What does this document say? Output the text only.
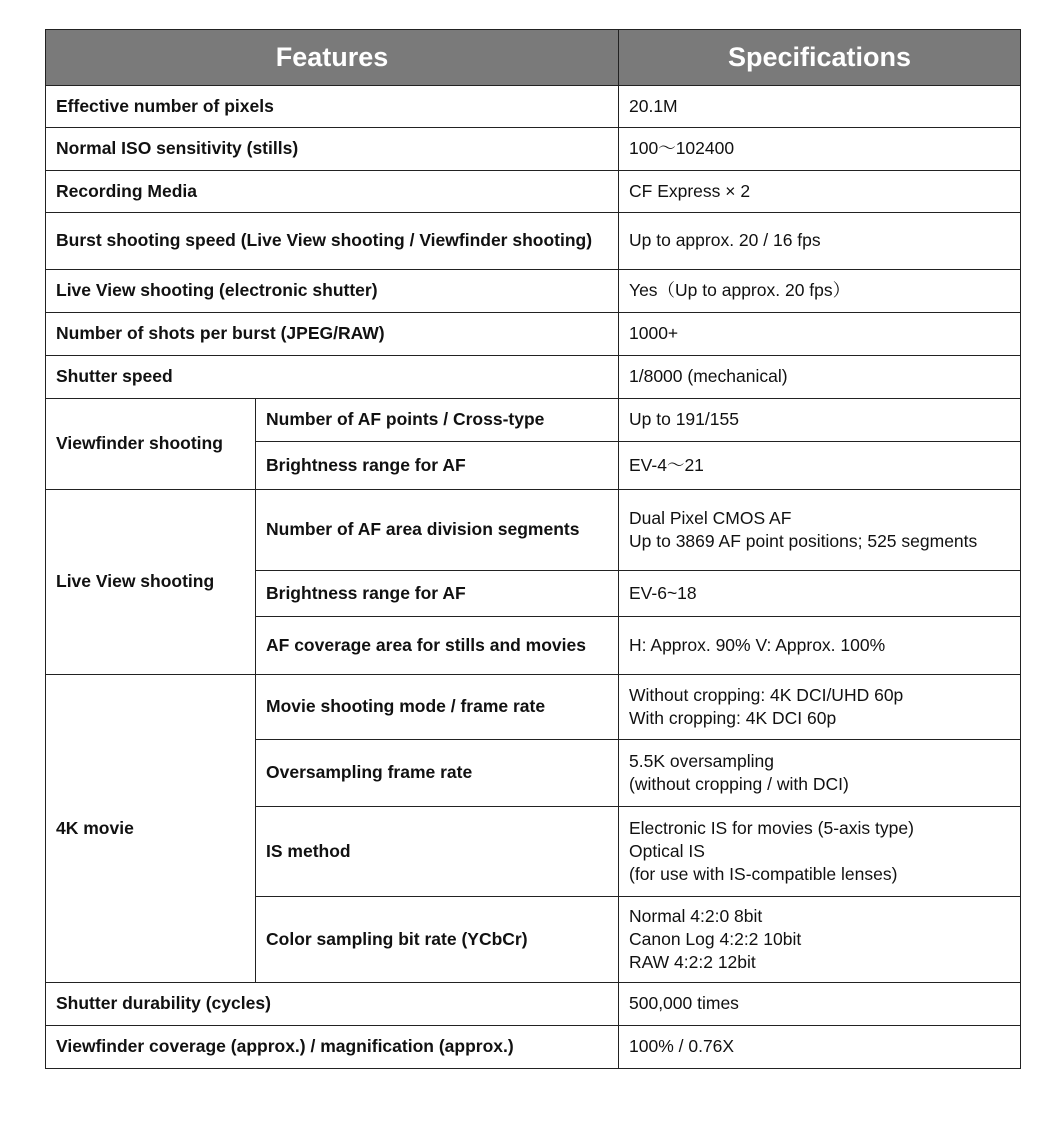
Features		Specifications
Effective number of pixels		20.1M
Normal ISO sensitivity (stills)		100〜102400
Recording Media		CF Express × 2
Burst shooting speed (Live View shooting / Viewfinder shooting)		Up to approx. 20 / 16 fps
Live View shooting (electronic shutter)		Yes（Up to approx. 20 fps）
Number of shots per burst (JPEG/RAW)		1000+
Shutter speed		1/8000 (mechanical)
Viewfinder shooting	Number of AF points / Cross-type	Up to 191/155
	Brightness range for AF	EV-4〜21
Live View shooting	Number of AF area division segments	Dual Pixel CMOS AF
Up to 3869 AF point positions; 525 segments
	Brightness range for AF	EV-6~18
	AF coverage area for stills and movies	H: Approx. 90% V: Approx. 100%
4K movie	Movie shooting mode / frame rate	Without cropping: 4K DCI/UHD 60p
With cropping: 4K DCI 60p
	Oversampling frame rate	5.5K oversampling
(without cropping / with DCI)
	IS method	Electronic IS for movies (5-axis type)
Optical IS
(for use with IS-compatible lenses)
	Color sampling bit rate (YCbCr)	Normal 4:2:0 8bit
Canon Log 4:2:2 10bit
RAW 4:2:2 12bit
Shutter durability (cycles)		500,000 times
Viewfinder coverage (approx.) / magnification (approx.)		100% / 0.76X
